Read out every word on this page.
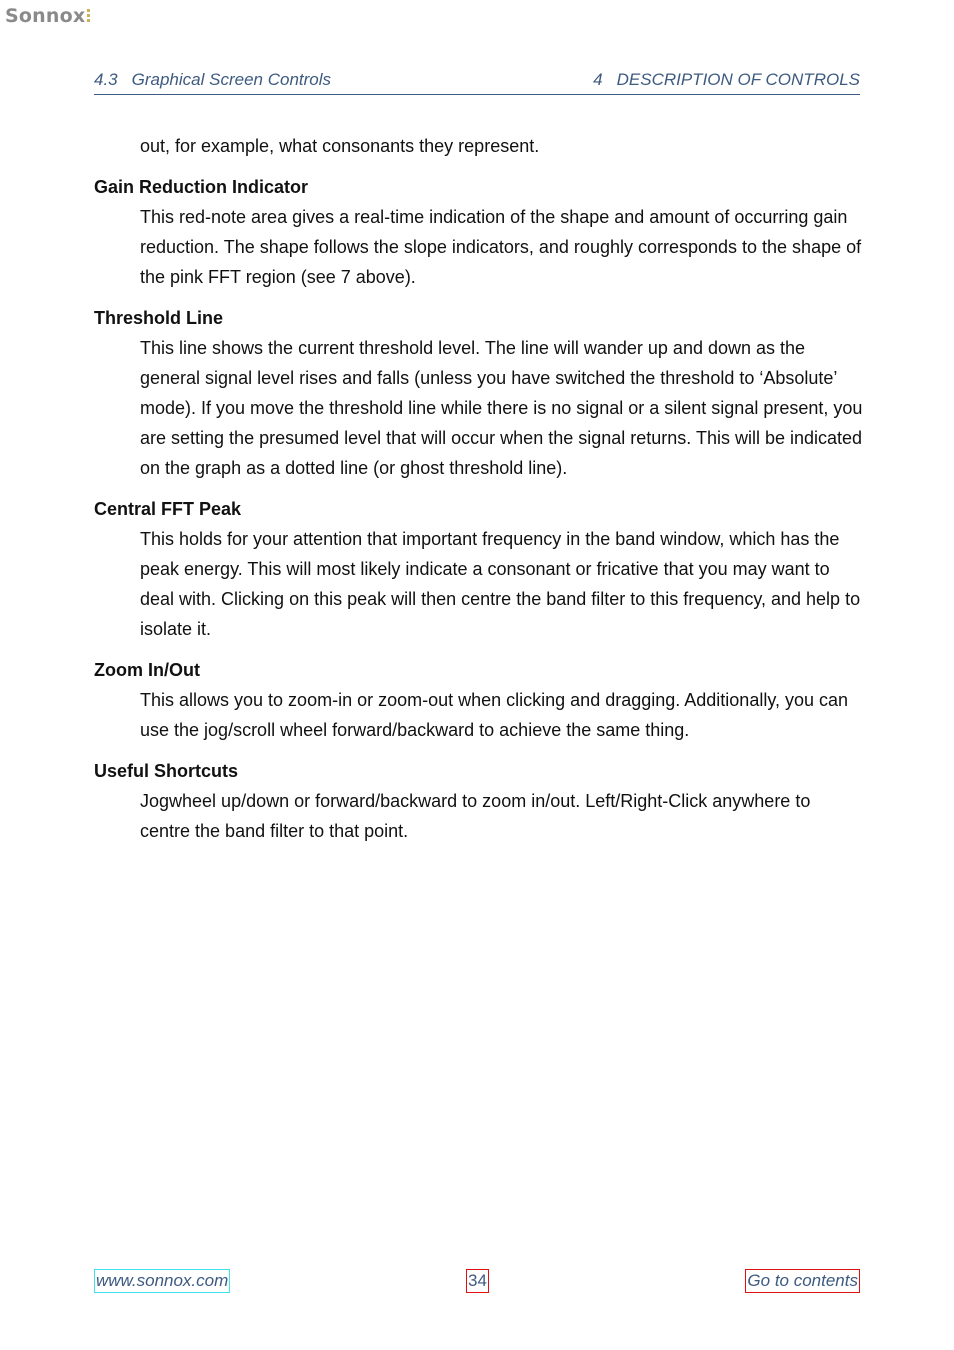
Sonnox
4.3 Graphical Screen Controls	4 DESCRIPTION OF CONTROLS

out, for example, what consonants they represent.

Gain Reduction Indicator

This red-note area gives a real-time indication of the shape and amount of occurring gain reduction. The shape follows the slope indicators, and roughly corresponds to the shape of the pink FFT region (see 7 above).

Threshold Line

This line shows the current threshold level. The line will wander up and down as the general signal level rises and falls (unless you have switched the threshold to ‘Absolute’ mode). If you move the threshold line while there is no signal or a silent signal present, you are setting the presumed level that will occur when the signal returns. This will be indicated on the graph as a dotted line (or ghost threshold line).

Central FFT Peak

This holds for your attention that important frequency in the band window, which has the peak energy. This will most likely indicate a consonant or fricative that you may want to deal with. Clicking on this peak will then centre the band filter to this frequency, and help to isolate it.

Zoom In/Out

This allows you to zoom-in or zoom-out when clicking and dragging. Additionally, you can use the jog/scroll wheel forward/backward to achieve the same thing.

Useful Shortcuts

Jogwheel up/down or forward/backward to zoom in/out. Left/Right-Click anywhere to centre the band filter to that point.

www.sonnox.com	34	Go to contents
